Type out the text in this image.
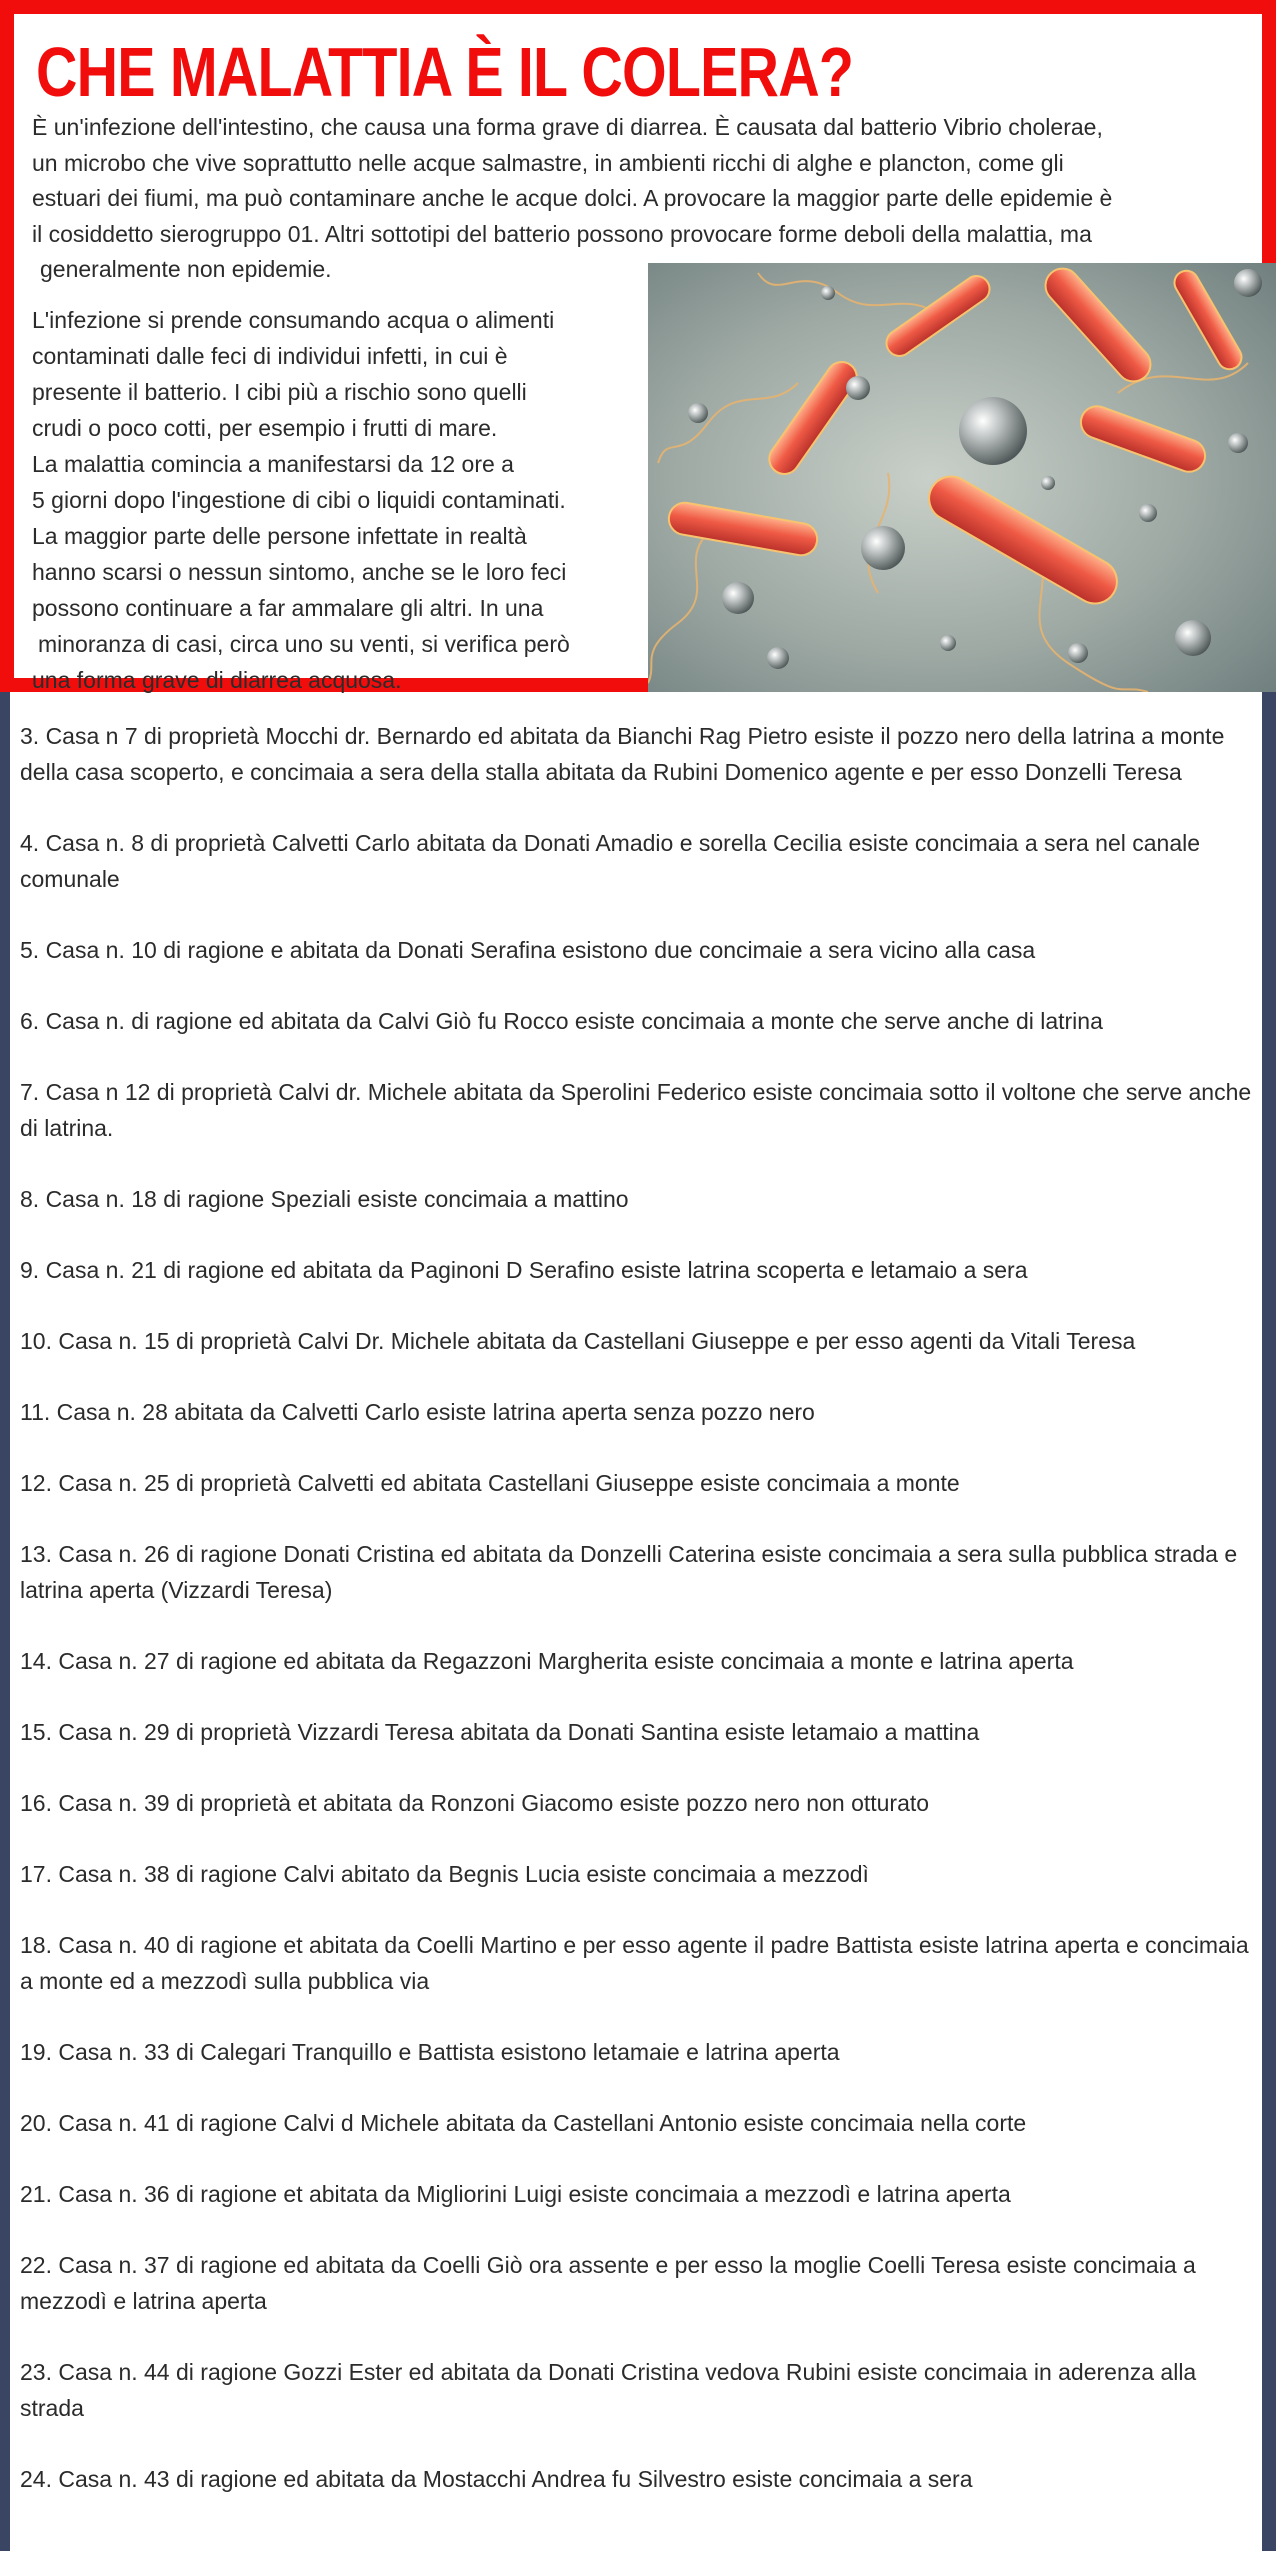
CHE MALATTIA È IL COLERA?

È un'infezione dell'intestino, che causa una forma grave di diarrea. È causata dal batterio Vibrio cholerae,
un microbo che vive soprattutto nelle acque salmastre, in ambienti ricchi di alghe e plancton, come gli
estuari dei fiumi, ma può contaminare anche le acque dolci. A provocare la maggior parte delle epidemie è
il cosiddetto sierogruppo 01. Altri sottotipi del batterio possono provocare forme deboli della malattia, ma
generalmente non epidemie.

L'infezione si prende consumando acqua o alimenti
contaminati dalle feci di individui infetti, in cui è
presente il batterio. I cibi più a rischio sono quelli
crudi o poco cotti, per esempio i frutti di mare.
La malattia comincia a manifestarsi da 12 ore a
5 giorni dopo l'ingestione di cibi o liquidi contaminati.
La maggior parte delle persone infettate in realtà
hanno scarsi o nessun sintomo, anche se le loro feci
possono continuare a far ammalare gli altri. In una
minoranza di casi, circa uno su venti, si verifica però
una forma grave di diarrea acquosa.

3. Casa n 7 di proprietà Mocchi dr. Bernardo ed abitata da Bianchi Rag Pietro esiste il pozzo nero della latrina a monte della casa scoperto, e concimaia a sera della stalla abitata da Rubini Domenico agente e per esso Donzelli Teresa
4. Casa n. 8 di proprietà Calvetti Carlo abitata da Donati Amadio e sorella Cecilia esiste concimaia a sera nel canale comunale
5. Casa n. 10 di ragione e abitata da Donati Serafina esistono due concimaie a sera vicino alla casa
6. Casa n. di ragione ed abitata da Calvi Giò fu Rocco esiste concimaia a monte che serve anche di latrina
7. Casa n 12 di proprietà Calvi dr. Michele abitata da Sperolini Federico esiste concimaia sotto il voltone che serve anche di latrina.
8. Casa n. 18 di ragione Speziali esiste concimaia a mattino
9. Casa n. 21 di ragione ed abitata da Paginoni D Serafino esiste latrina scoperta e letamaio a sera
10. Casa n. 15 di proprietà Calvi Dr. Michele abitata da Castellani Giuseppe e per esso agenti da Vitali Teresa
11. Casa n. 28 abitata da Calvetti Carlo esiste latrina aperta senza pozzo nero
12. Casa n. 25 di proprietà Calvetti ed abitata Castellani Giuseppe esiste concimaia a monte
13. Casa n. 26 di ragione Donati Cristina ed abitata da Donzelli Caterina esiste concimaia a sera sulla pubblica strada e latrina aperta (Vizzardi Teresa)
14. Casa n. 27 di ragione ed abitata da Regazzoni Margherita esiste concimaia a monte e latrina aperta
15. Casa n. 29 di proprietà Vizzardi Teresa abitata da Donati Santina esiste letamaio a mattina
16. Casa n. 39 di proprietà et abitata da Ronzoni Giacomo esiste pozzo nero non otturato
17. Casa n. 38 di ragione Calvi abitato da Begnis Lucia esiste concimaia a mezzodì
18. Casa n. 40 di ragione et abitata da Coelli Martino e per esso agente il padre Battista esiste latrina aperta e concimaia a monte ed a mezzodì sulla pubblica via
19. Casa n. 33 di Calegari Tranquillo e Battista esistono letamaie e latrina aperta
20. Casa n. 41 di ragione Calvi d Michele abitata da Castellani Antonio esiste concimaia nella corte
21. Casa n. 36 di ragione et abitata da Migliorini Luigi esiste concimaia a mezzodì e latrina aperta
22. Casa n. 37 di ragione ed abitata da Coelli Giò ora assente e per esso la moglie Coelli Teresa esiste concimaia a mezzodì e latrina aperta
23. Casa n. 44 di ragione Gozzi Ester ed abitata da Donati Cristina vedova Rubini esiste concimaia in aderenza alla strada
24. Casa n. 43 di ragione ed abitata da Mostacchi Andrea fu Silvestro esiste concimaia a sera
